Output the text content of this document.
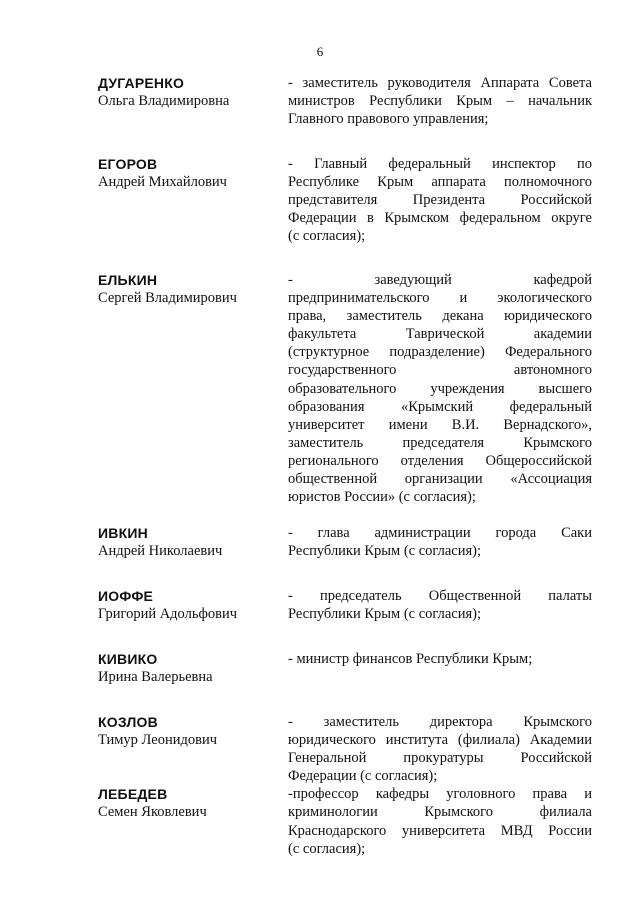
6
ДУГАРЕНКО
Ольга Владимировна
- заместитель руководителя Аппарата Совета
министров Республики Крым – начальник
Главного правового управления;
ЕГОРОВ
Андрей Михайлович
- Главный федеральный инспектор по
Республике Крым аппарата полномочного
представителя Президента Российской
Федерации в Крымском федеральном округе
(с согласия);
ЕЛЬКИН
Сергей Владимирович
- заведующий кафедрой
предпринимательского и экологического
права, заместитель декана юридического
факультета Таврической академии
(структурное подразделение) Федерального
государственного автономного
образовательного учреждения высшего
образования «Крымский федеральный
университет имени В.И. Вернадского»,
заместитель председателя Крымского
регионального отделения Общероссийской
общественной организации «Ассоциация
юристов России» (с согласия);
ИВКИН
Андрей Николаевич
- глава администрации города Саки
Республики Крым (с согласия);
ИОФФЕ
Григорий Адольфович
- председатель Общественной палаты
Республики Крым (с согласия);
КИВИКО
Ирина Валерьевна
- министр финансов Республики Крым;
КОЗЛОВ
Тимур Леонидович
- заместитель директора Крымского
юридического института (филиала) Академии
Генеральной прокуратуры Российской
Федерации (с согласия);
-профессор кафедры уголовного права и
криминологии Крымского филиала
Краснодарского университета МВД России
(с согласия);
ЛЕБЕДЕВ
Семен Яковлевич
